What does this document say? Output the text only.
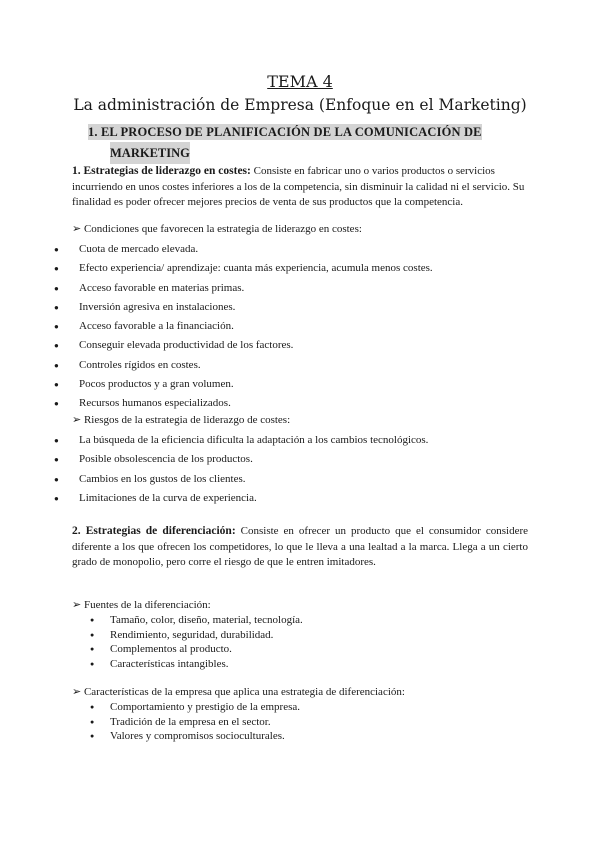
TEMA 4
La administración de Empresa (Enfoque en el Marketing)
1. EL PROCESO DE PLANIFICACIÓN DE LA COMUNICACIÓN DE
MARKETING
1. Estrategias de liderazgo en costes: Consiste en fabricar uno o varios productos o servicios incurriendo en unos costes inferiores a los de la competencia, sin disminuir la calidad ni el servicio. Su finalidad es poder ofrecer mejores precios de venta de sus productos que la competencia.
➢ Condiciones que favorecen la estrategia de liderazgo en costes:
● Cuota de mercado elevada.
● Efecto experiencia/ aprendizaje: cuanta más experiencia, acumula menos costes.
● Acceso favorable en materias primas.
● Inversión agresiva en instalaciones.
● Acceso favorable a la financiación.
● Conseguir elevada productividad de los factores.
● Controles rígidos en costes.
● Pocos productos y a gran volumen.
● Recursos humanos especializados.
➢ Riesgos de la estrategia de liderazgo de costes:
● La búsqueda de la eficiencia dificulta la adaptación a los cambios tecnológicos.
● Posible obsolescencia de los productos.
● Cambios en los gustos de los clientes.
● Limitaciones de la curva de experiencia.
2. Estrategias de diferenciación: Consiste en ofrecer un producto que el consumidor considere diferente a los que ofrecen los competidores, lo que le lleva a una lealtad a la marca. Llega a un cierto grado de monopolio, pero corre el riesgo de que le entren imitadores.
➢ Fuentes de la diferenciación:
● Tamaño, color, diseño, material, tecnología.
● Rendimiento, seguridad, durabilidad.
● Complementos al producto.
● Características intangibles.
➢ Características de la empresa que aplica una estrategia de diferenciación:
● Comportamiento y prestigio de la empresa.
● Tradición de la empresa en el sector.
● Valores y compromisos socioculturales.
